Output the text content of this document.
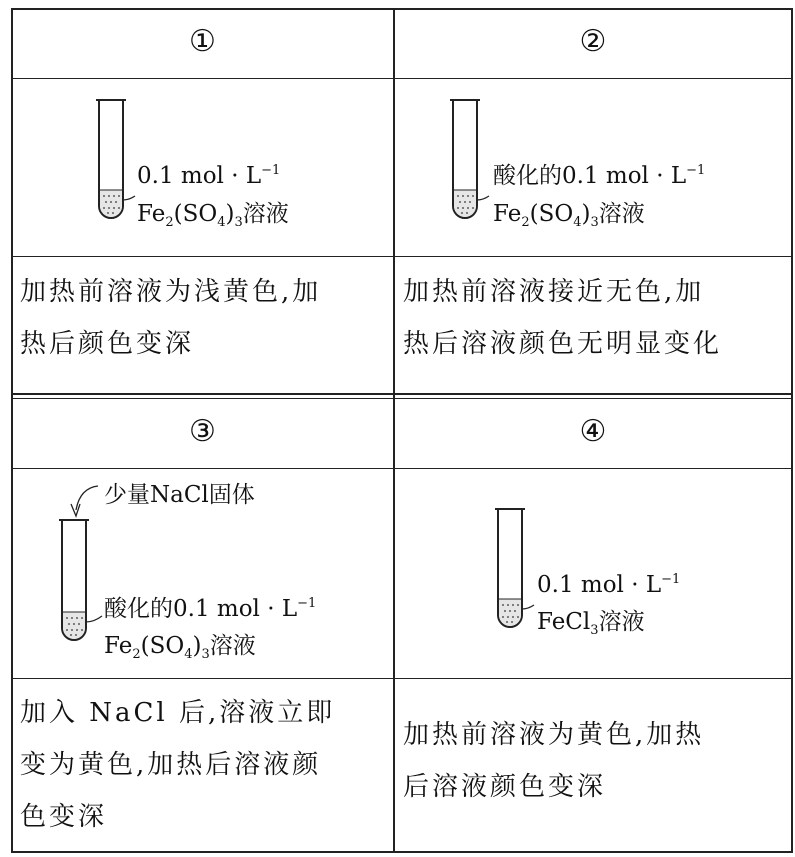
①	②
③	④
0.1 mol · $L^{-1}$
$Fe_2(SO_4)_3$溶液
酸化的0.1 mol · $L^{-1}$
$Fe_2(SO_4)_3$溶液
少量NaCl固体
酸化的0.1 mol · $L^{-1}$
$Fe_2(SO_4)_3$溶液
0.1 mol · $L^{-1}$
FeCl$_3$溶液
加热前溶液为浅黄色,加
热后颜色变深
加热前溶液接近无色,加
热后溶液颜色无明显变化
加入 NaCl 后,溶液立即
变为黄色,加热后溶液颜
色变深
加热前溶液为黄色,加热
后溶液颜色变深
